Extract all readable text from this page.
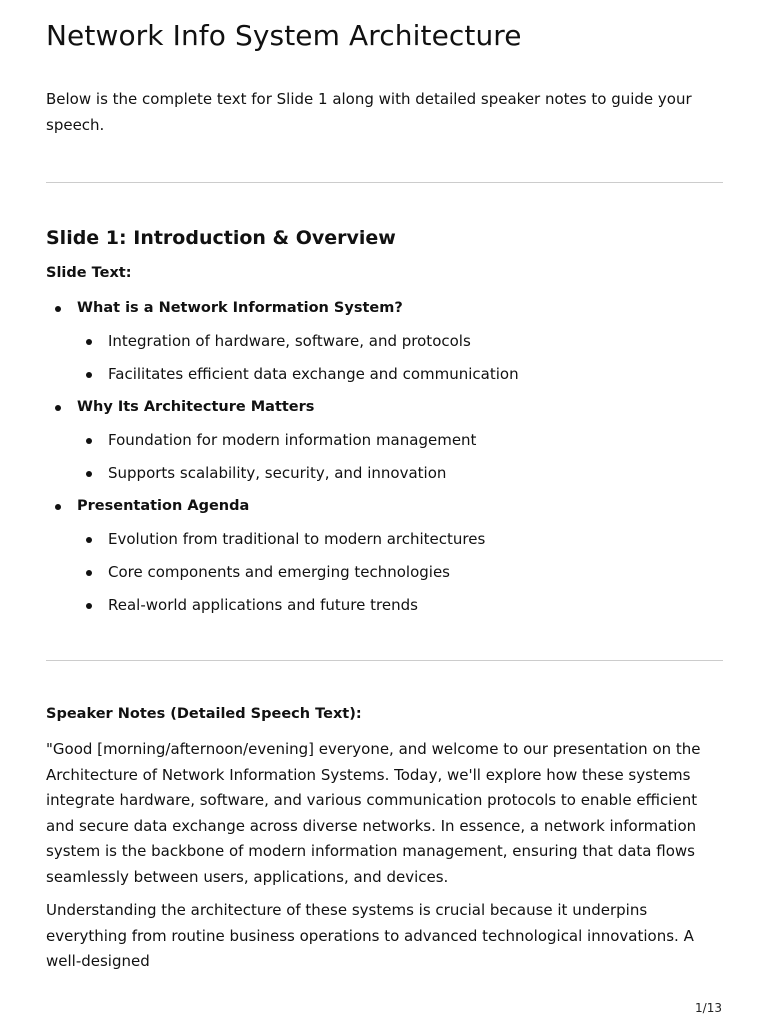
Network Info System Architecture

Below is the complete text for Slide 1 along with detailed speaker notes to guide your speech.

Slide 1: Introduction & Overview

Slide Text:

What is a Network Information System?
Integration of hardware, software, and protocols
Facilitates efficient data exchange and communication
Why Its Architecture Matters
Foundation for modern information management
Supports scalability, security, and innovation
Presentation Agenda
Evolution from traditional to modern architectures
Core components and emerging technologies
Real-world applications and future trends

Speaker Notes (Detailed Speech Text):

"Good [morning/afternoon/evening] everyone, and welcome to our presentation on the Architecture of Network Information Systems. Today, we'll explore how these systems integrate hardware, software, and various communication protocols to enable efficient and secure data exchange across diverse networks. In essence, a network information system is the backbone of modern information management, ensuring that data flows seamlessly between users, applications, and devices.

Understanding the architecture of these systems is crucial because it underpins everything from routine business operations to advanced technological innovations. A well-designed

1/13
